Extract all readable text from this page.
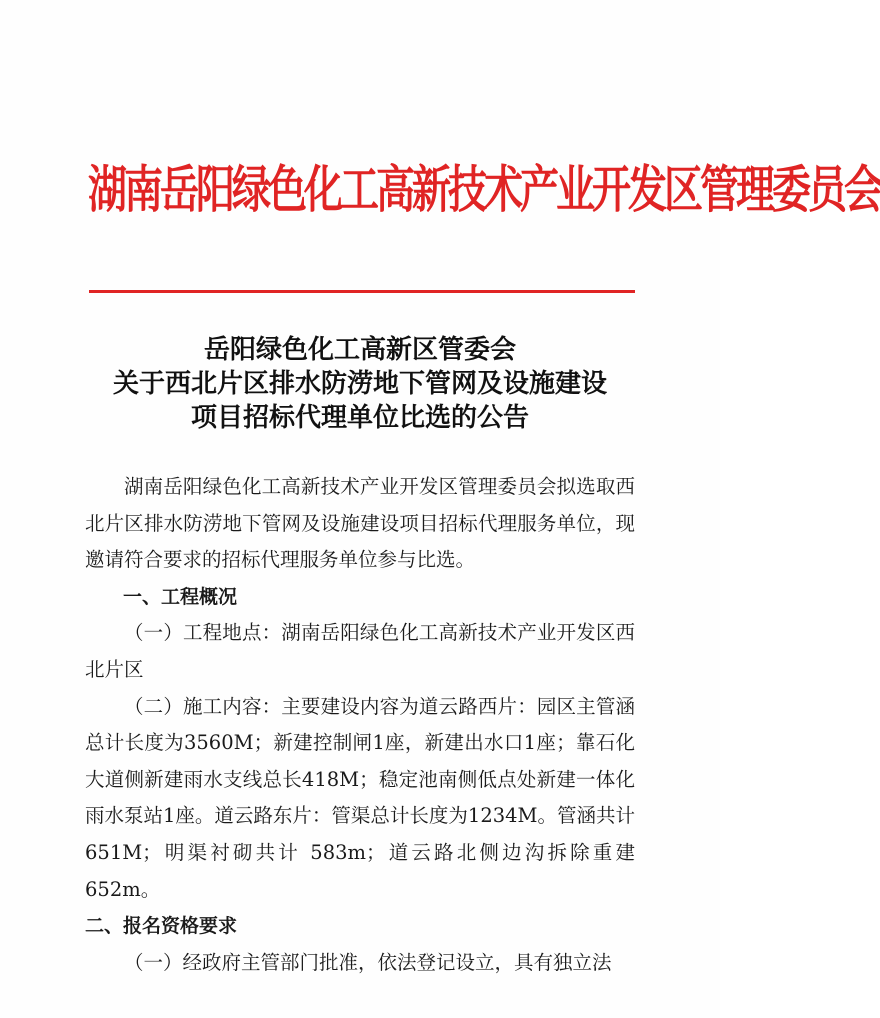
湖南岳阳绿色化工高新技术产业开发区管理委员会
岳阳绿色化工高新区管委会
关于西北片区排水防涝地下管网及设施建设
项目招标代理单位比选的公告

湖南岳阳绿色化工高新技术产业开发区管理委员会拟选取西北片区排水防涝地下管网及设施建设项目招标代理服务单位，现邀请符合要求的招标代理服务单位参与比选。

一、工程概况

（一）工程地点：湖南岳阳绿色化工高新技术产业开发区西北片区

（二）施工内容：主要建设内容为道云路西片：园区主管涵总计长度为3560M；新建控制闸1座，新建出水口1座；靠石化大道侧新建雨水支线总长418M；稳定池南侧低点处新建一体化雨水泵站1座。道云路东片：管渠总计长度为1234M。管涵共计651M；明渠衬砌共计 583m；道云路北侧边沟拆除重建 652m。

二、报名资格要求

（一）经政府主管部门批准，依法登记设立，具有独立法
